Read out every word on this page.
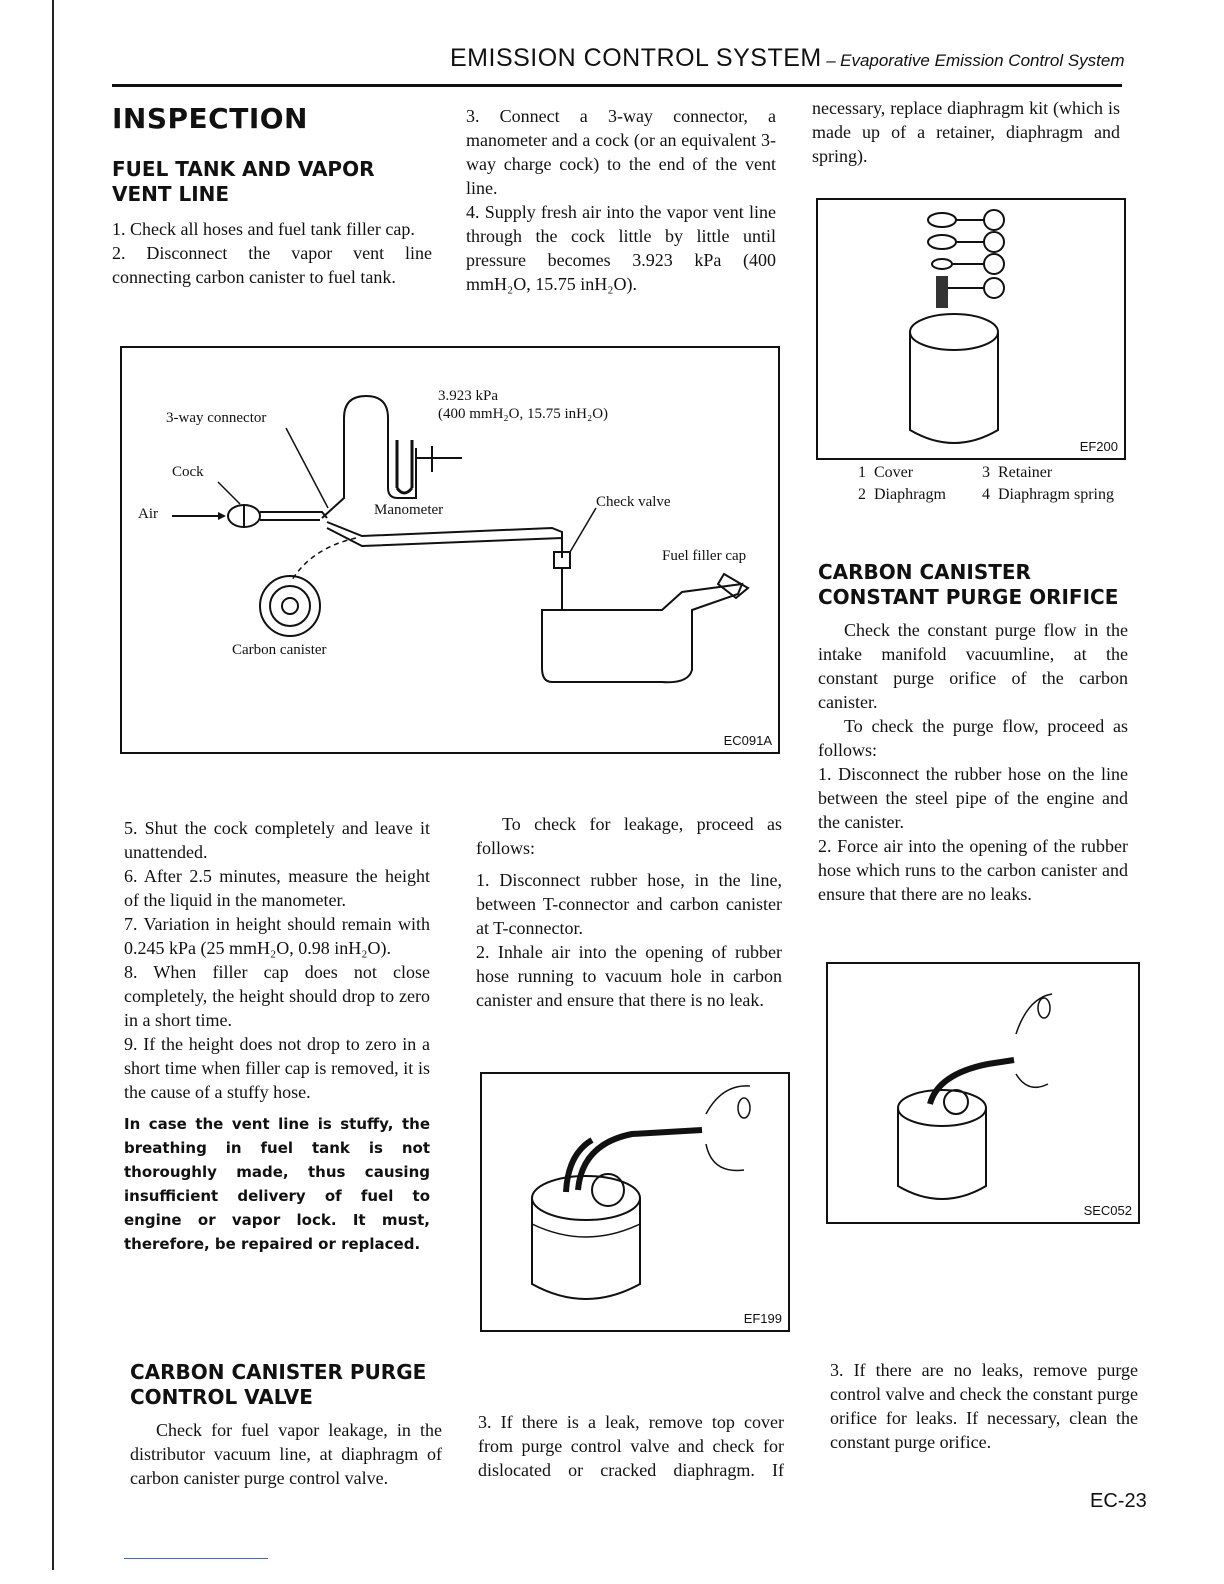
EMISSION CONTROL SYSTEM – Evaporative Emission Control System
INSPECTION
FUEL TANK AND VAPOR
VENT LINE

1. Check all hoses and fuel tank filler cap.

2. Disconnect the vapor vent line connecting carbon canister to fuel tank.

3. Connect a 3-way connector, a manometer and a cock (or an equivalent 3-way charge cock) to the end of the vent line.

4. Supply fresh air into the vapor vent line through the cock little by little until pressure becomes 3.923 kPa (400 mmH₂O, 15.75 inH₂O).

3.923 kPa
(400 mmH₂O, 15.75 inH₂O)
3-way connector
Cock
Air	Manometer	Check valve
Fuel filler cap
Carbon canister
EC091A

5. Shut the cock completely and leave it unattended.

6. After 2.5 minutes, measure the height of the liquid in the manometer.

7. Variation in height should remain with 0.245 kPa (25 mmH₂O, 0.98 inH₂O).

8. When filler cap does not close completely, the height should drop to zero in a short time.

9. If the height does not drop to zero in a short time when filler cap is removed, it is the cause of a stuffy hose.

In case the vent line is stuffy, the breathing in fuel tank is not thoroughly made, thus causing insufficient delivery of fuel to engine or vapor lock. It must, therefore, be repaired or replaced.

To check for leakage, proceed as follows:

1. Disconnect rubber hose, in the line, between T-connector and carbon canister at T-connector.

2. Inhale air into the opening of rubber hose running to vacuum hole in carbon canister and ensure that there is no leak.

EF199
CARBON CANISTER PURGE
CONTROL VALVE

Check for fuel vapor leakage, in the distributor vacuum line, at diaphragm of carbon canister purge control valve.

3. If there is a leak, remove top cover from purge control valve and check for dislocated or cracked diaphragm. If

necessary, replace diaphragm kit (which is made up of a retainer, diaphragm and spring).

EF200
1 Cover
2 Diaphragm
3 Retainer
4 Diaphragm spring
CARBON CANISTER
CONSTANT PURGE ORIFICE

Check the constant purge flow in the intake manifold vacuumline, at the constant purge orifice of the carbon canister.

To check the purge flow, proceed as follows:

1. Disconnect the rubber hose on the line between the steel pipe of the engine and the canister.

2. Force air into the opening of the rubber hose which runs to the carbon canister and ensure that there are no leaks.

SEC052

3. If there are no leaks, remove purge control valve and check the constant purge orifice for leaks. If necessary, clean the constant purge orifice.

EC-23
